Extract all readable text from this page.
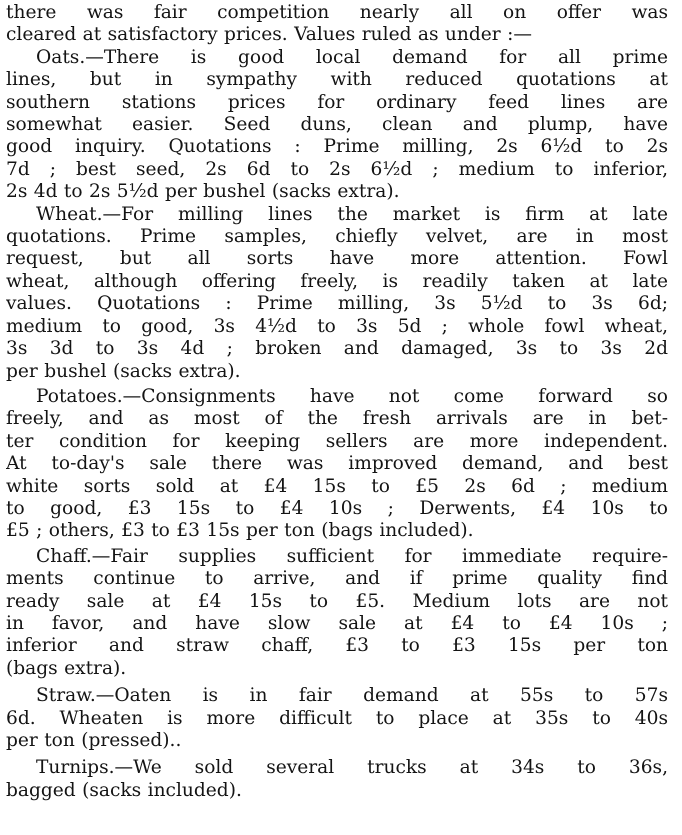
there was fair competition nearly all on offer was
cleared at satisfactory prices. Values ruled as under :—

Oats.—There is good local demand for all prime
lines, but in sympathy with reduced quotations at
southern stations prices for ordinary feed lines are
somewhat easier. Seed duns, clean and plump, have
good inquiry. Quotations : Prime milling, 2s 6½d to 2s
7d ; best seed, 2s 6d to 2s 6½d ; medium to inferior,
2s 4d to 2s 5½d per bushel (sacks extra).

Wheat.—For milling lines the market is firm at late
quotations. Prime samples, chiefly velvet, are in most
request, but all sorts have more attention. Fowl
wheat, although offering freely, is readily taken at late
values. Quotations : Prime milling, 3s 5½d to 3s 6d;
medium to good, 3s 4½d to 3s 5d ; whole fowl wheat,
3s 3d to 3s 4d ; broken and damaged, 3s to 3s 2d
per bushel (sacks extra).

Potatoes.—Consignments have not come forward so
freely, and as most of the fresh arrivals are in bet-
ter condition for keeping sellers are more independent.
At to-day's sale there was improved demand, and best
white sorts sold at £4 15s to £5 2s 6d ; medium
to good, £3 15s to £4 10s ; Derwents, £4 10s to
£5 ; others, £3 to £3 15s per ton (bags included).

Chaff.—Fair supplies sufficient for immediate require-
ments continue to arrive, and if prime quality find
ready sale at £4 15s to £5. Medium lots are not
in favor, and have slow sale at £4 to £4 10s ;
inferior and straw chaff, £3 to £3 15s per ton
(bags extra).

Straw.—Oaten is in fair demand at 55s to 57s
6d. Wheaten is more difficult to place at 35s to 40s
per ton (pressed)..

Turnips.—We sold several trucks at 34s to 36s,
bagged (sacks included).
